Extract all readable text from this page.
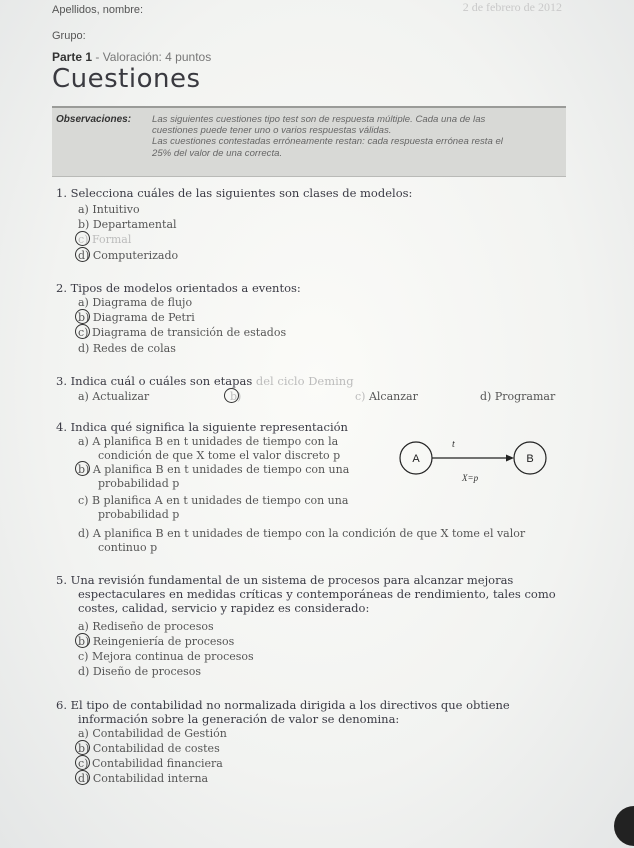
Apellidos, nombre:	2 de febrero de 2012
Grupo:
Parte 1 - Valoración: 4 puntos
Cuestiones
Observaciones: Las siguientes cuestiones tipo test son de respuesta múltiple. Cada una de las
cuestiones puede tener uno o varios respuestas válidas.
Las cuestiones contestadas erróneamente restan: cada respuesta errónea resta el
25% del valor de una correcta.
1. Selecciona cuáles de las siguientes son clases de modelos:
a) Intuitivo
b) Departamental
c) Formal
d) Computerizado
2. Tipos de modelos orientados a eventos:
a) Diagrama de flujo
b) Diagrama de Petri
c) Diagrama de transición de estados
d) Redes de colas
3. Indica cuál o cuáles son etapas del ciclo Deming
a) Actualizar	b)	c) Alcanzar	d) Programar
4. Indica qué significa la siguiente representación
a) A planifica B en t unidades de tiempo con la
condición de que X tome el valor discreto p
b) A planifica B en t unidades de tiempo con una
probabilidad p
c) B planifica A en t unidades de tiempo con una
probabilidad p
d) A planifica B en t unidades de tiempo con la condición de que X tome el valor
continuo p
A	B
t
X=p
5. Una revisión fundamental de un sistema de procesos para alcanzar mejoras
espectaculares en medidas críticas y contemporáneas de rendimiento, tales como
costes, calidad, servicio y rapidez es considerado:
a) Rediseño de procesos
b) Reingeniería de procesos
c) Mejora continua de procesos
d) Diseño de procesos
6. El tipo de contabilidad no normalizada dirigida a los directivos que obtiene
información sobre la generación de valor se denomina:
a) Contabilidad de Gestión
b) Contabilidad de costes
c) Contabilidad financiera
d) Contabilidad interna
